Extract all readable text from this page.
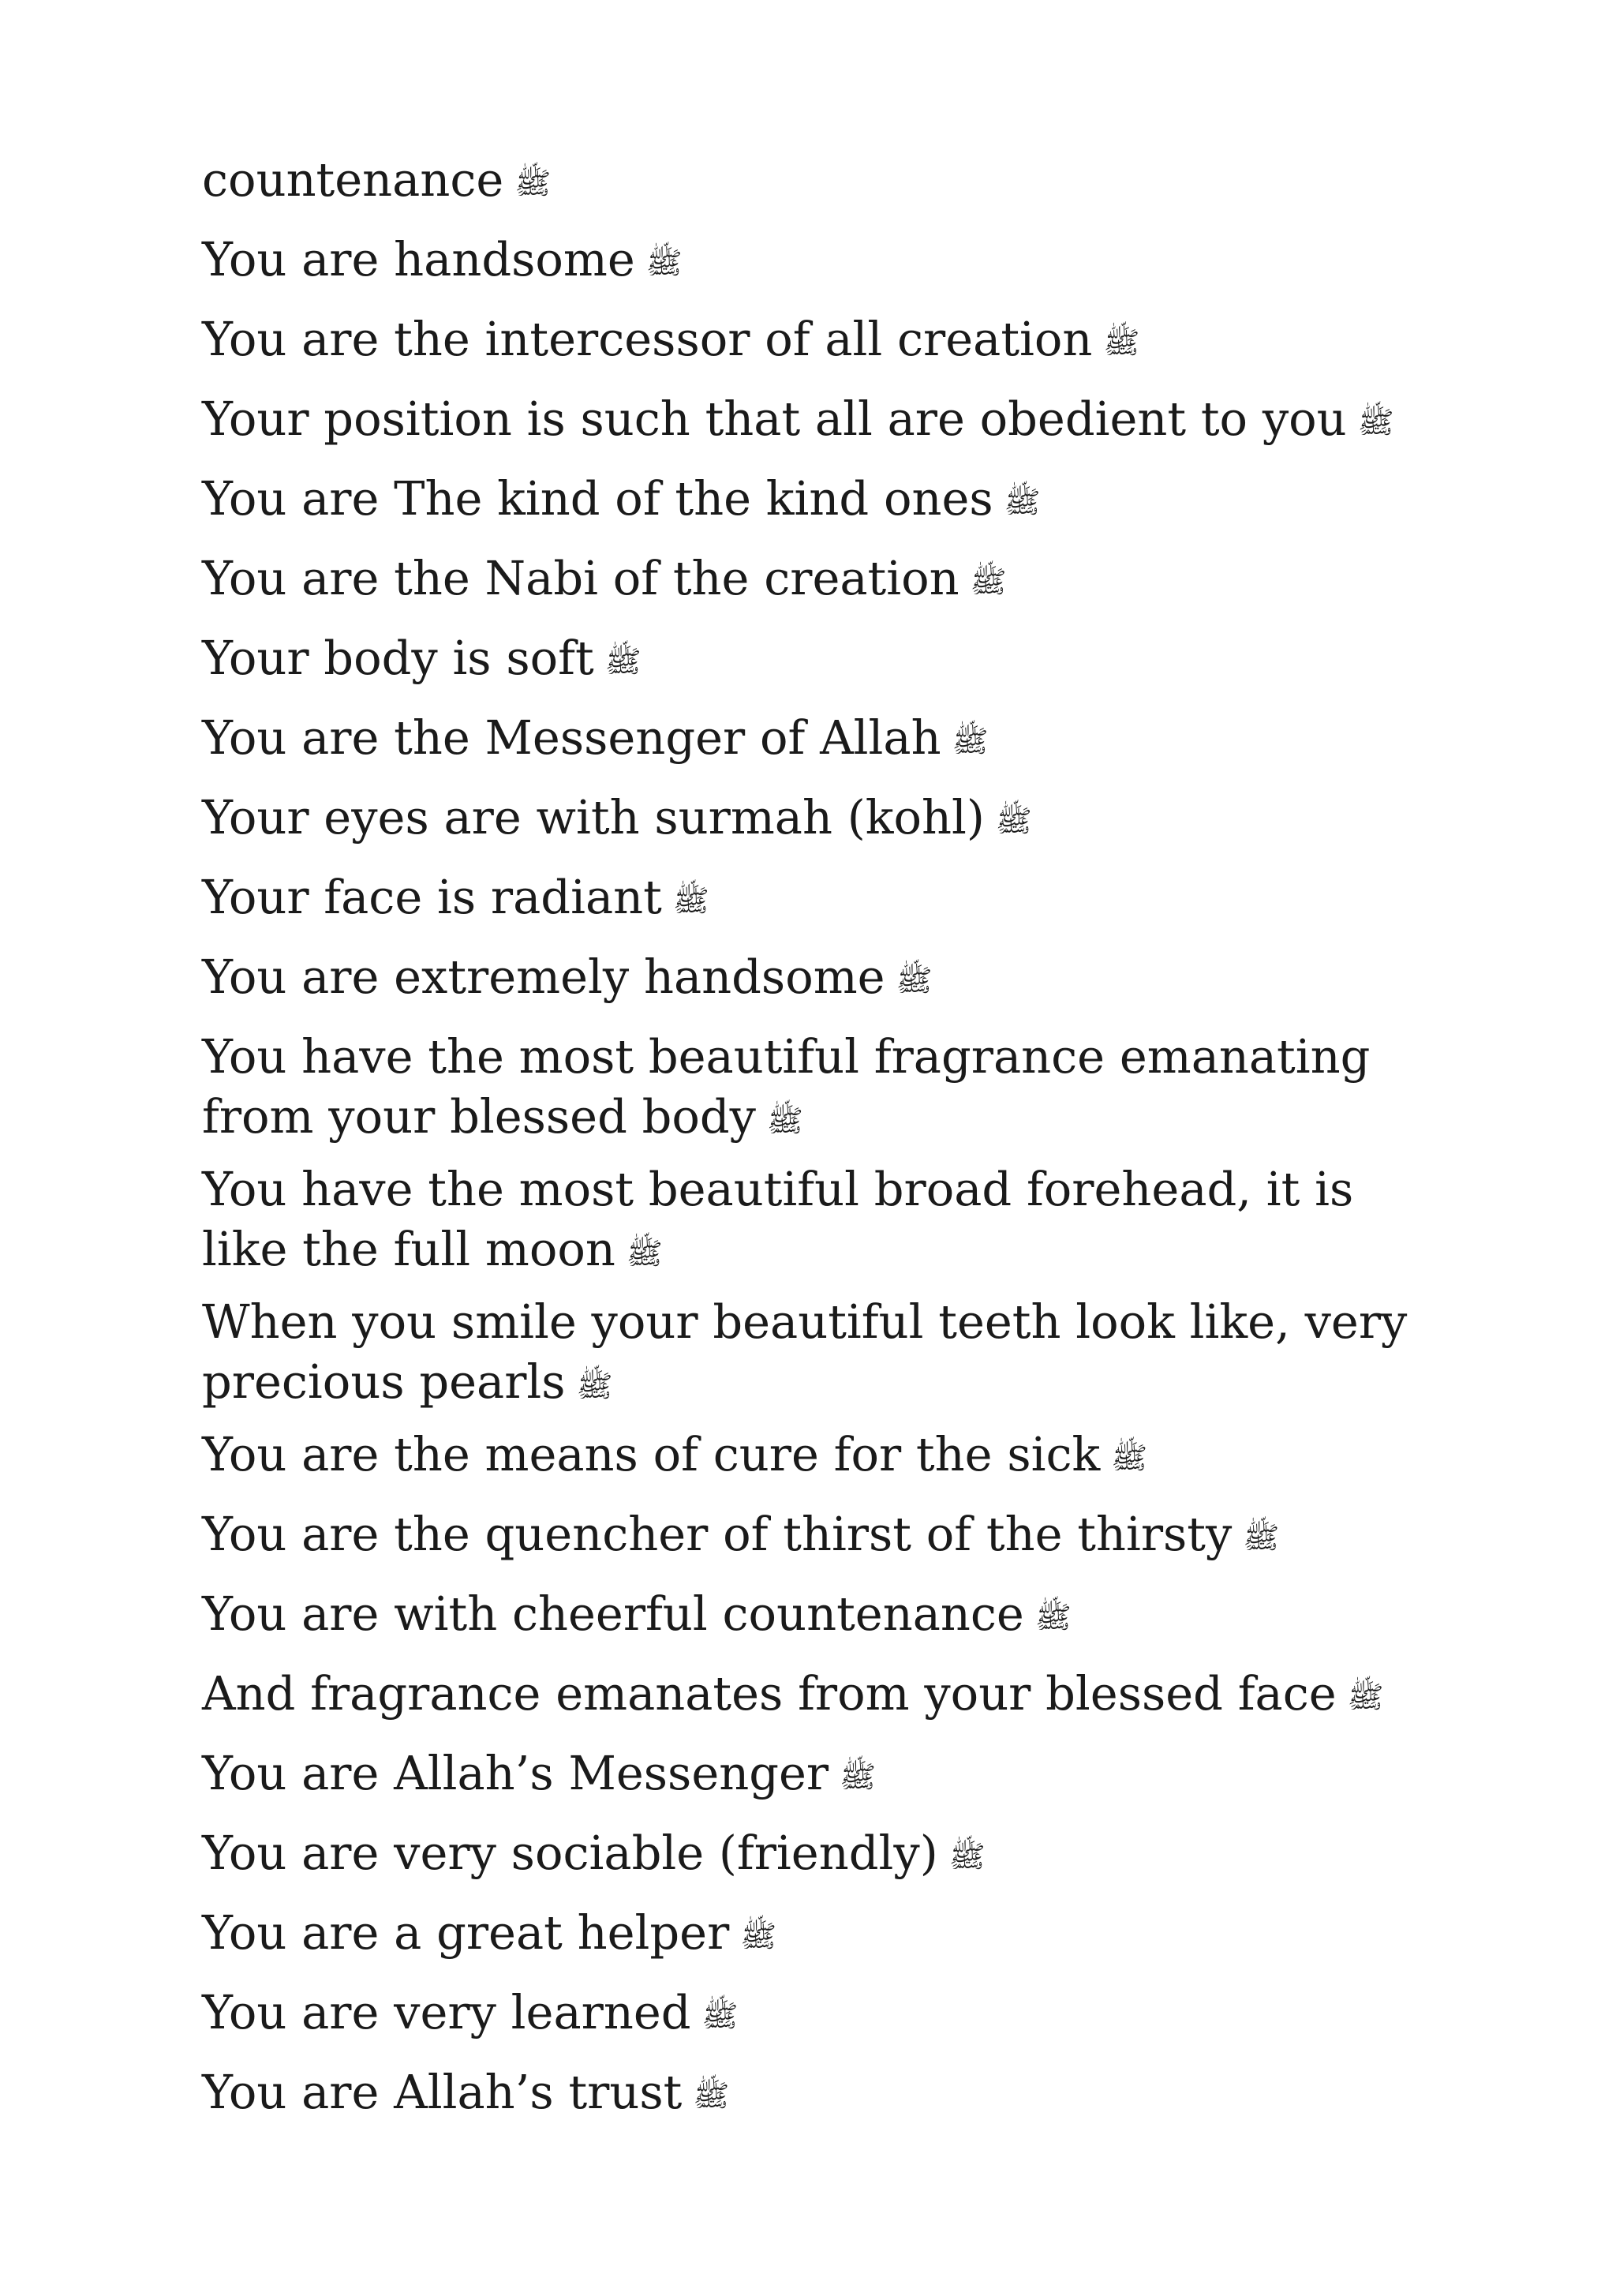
countenance ﷺ
You are handsome ﷺ
You are the intercessor of all creation ﷺ
Your position is such that all are obedient to you ﷺ
You are The kind of the kind ones ﷺ
You are the Nabi of the creation ﷺ
Your body is soft ﷺ
You are the Messenger of Allah ﷺ
Your eyes are with surmah (kohl) ﷺ
Your face is radiant ﷺ
You are extremely handsome ﷺ
You have the most beautiful fragrance emanating from your blessed body ﷺ
You have the most beautiful broad forehead, it is like the full moon ﷺ
When you smile your beautiful teeth look like, very precious pearls ﷺ
You are the means of cure for the sick ﷺ
You are the quencher of thirst of the thirsty ﷺ
You are with cheerful countenance ﷺ
And fragrance emanates from your blessed face ﷺ
You are Allah’s Messenger ﷺ
You are very sociable (friendly) ﷺ
You are a great helper ﷺ
You are very learned ﷺ
You are Allah’s trust ﷺ
